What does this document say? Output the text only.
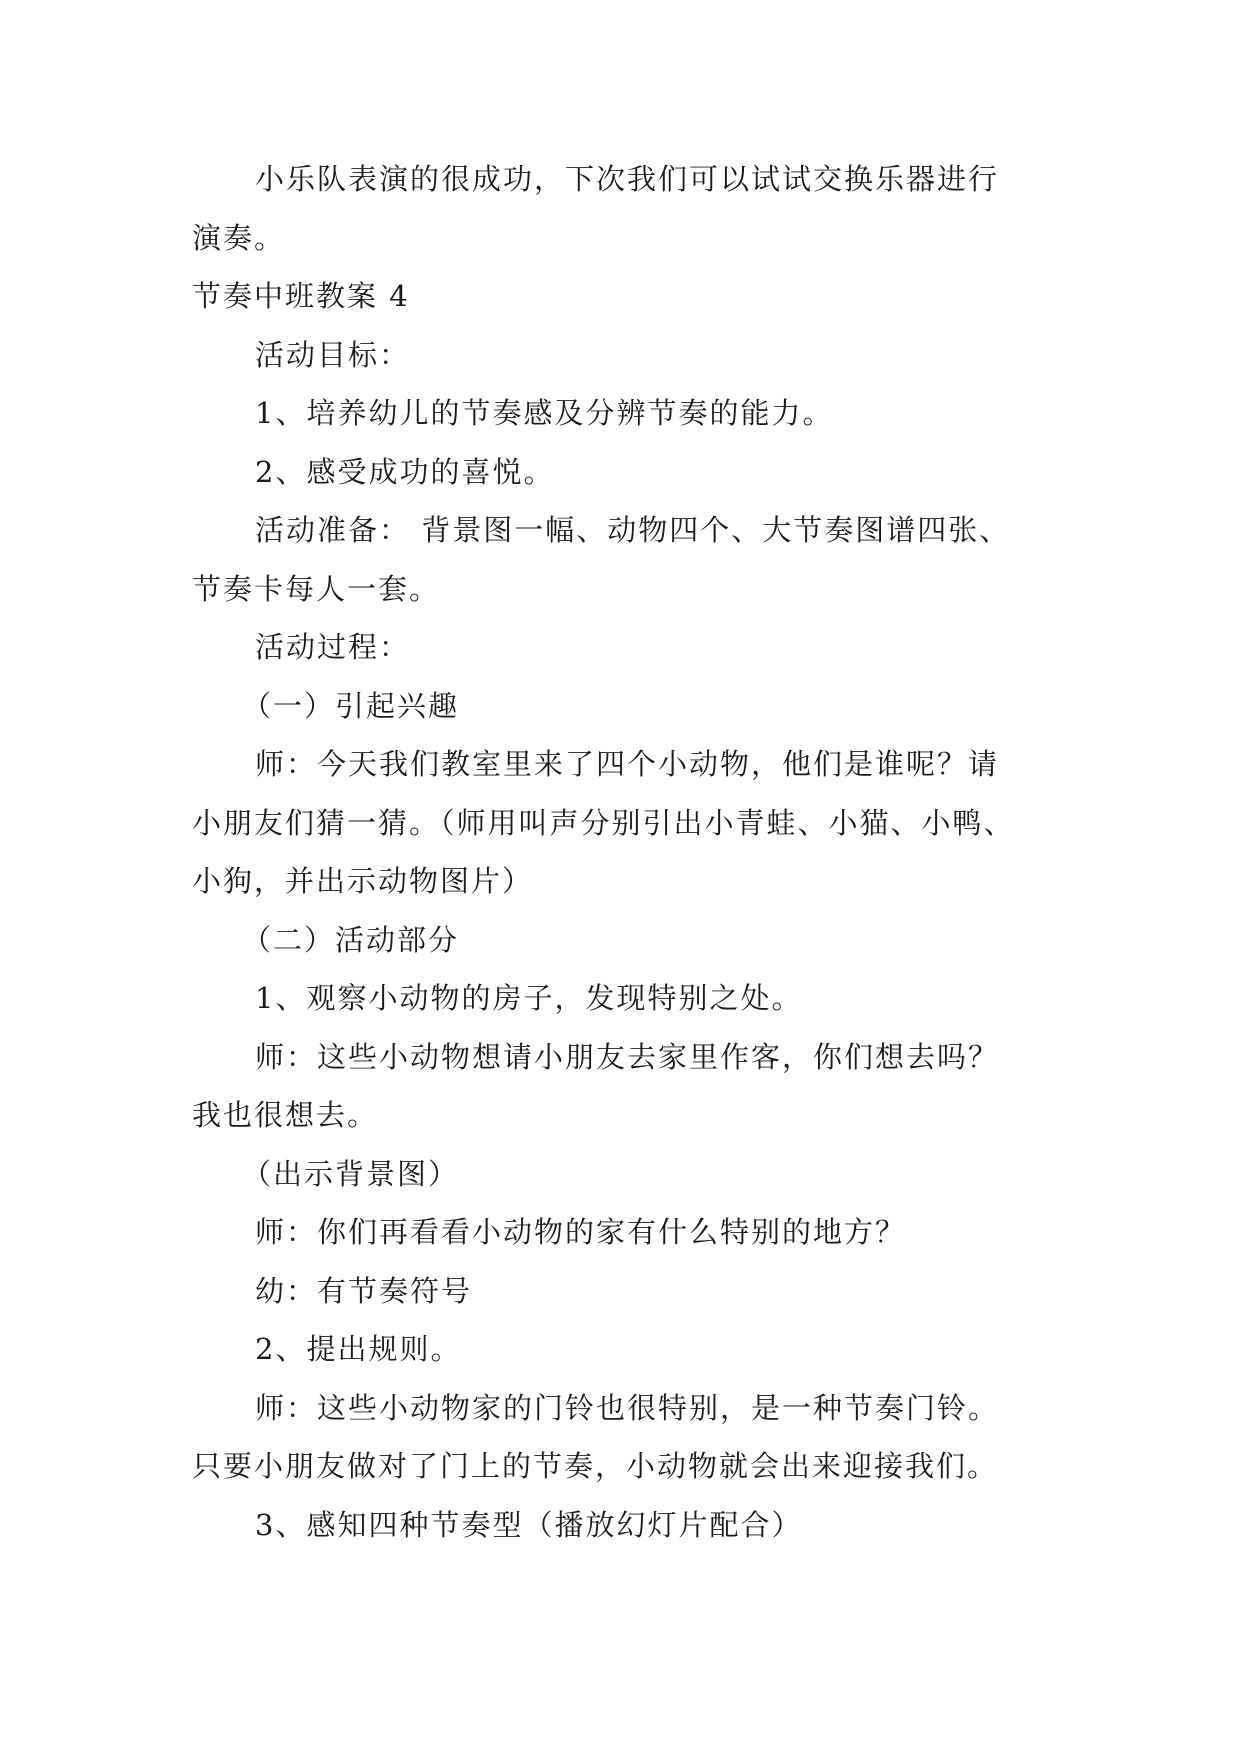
小乐队表演的很成功，下次我们可以试试交换乐器进行
演奏。
节奏中班教案 4
活动目标：
1、培养幼儿的节奏感及分辨节奏的能力。
2、感受成功的喜悦。
活动准备： 背景图一幅、动物四个、大节奏图谱四张、
节奏卡每人一套。
活动过程：
（一）引起兴趣
师：今天我们教室里来了四个小动物，他们是谁呢？请
小朋友们猜一猜。（师用叫声分别引出小青蛙、小猫、小鸭、
小狗，并出示动物图片）
（二）活动部分
1、观察小动物的房子，发现特别之处。
师：这些小动物想请小朋友去家里作客，你们想去吗？
我也很想去。
（出示背景图）
师：你们再看看小动物的家有什么特别的地方？
幼：有节奏符号
2、提出规则。
师：这些小动物家的门铃也很特别，是一种节奏门铃。
只要小朋友做对了门上的节奏，小动物就会出来迎接我们。
3、感知四种节奏型（播放幻灯片配合）
